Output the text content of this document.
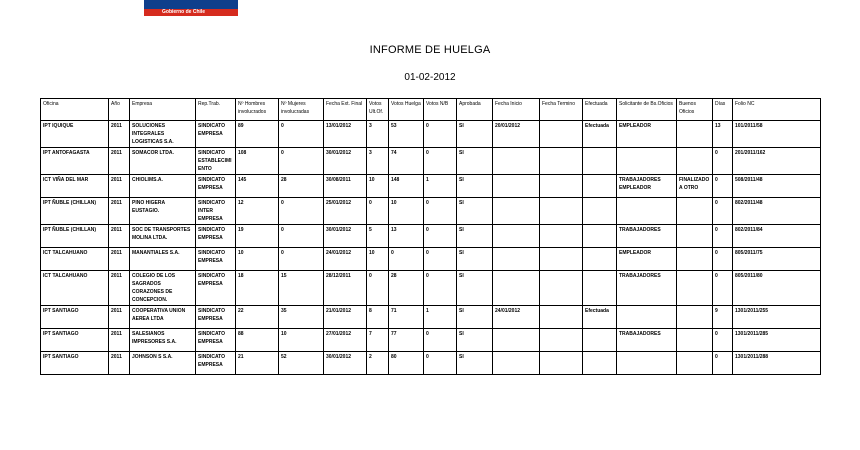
Gobierno de Chile
INFORME DE HUELGA
01-02-2012
Oficina	Año	Empresa	Rep.Trab.	Nº Hombres involucrados	Nº Mujeres involucradas	Fecha Ext. Final	Votos Ult.Of.	Votos Huelga	Votos N/B	Aprobada	Fecha Inicio	Fecha Termino	Efectuada	Solicitante de Bs.Oficios	Buenos Oficios	Días	Folio NC
IPT IQUIQUE	2011	SOLUCIONES INTEGRALES LOGISTICAS S.A.	SINDICATO EMPRESA	89	0	13/01/2012	3	53	0	SI	20/01/2012		Efectuada	EMPLEADOR		13	101/2011/58
IPT ANTOFAGASTA	2011	SOMACOR LTDA.	SINDICATO ESTABLECIMIENTO	108	0	30/01/2012	3	74	0	SI						0	201/2011/162
ICT VIÑA DEL MAR	2011	CHIOLIMS.A.	SINDICATO EMPRESA	145	28	30/08/2011	10	148	1	SI				TRABAJADORES EMPLEADOR	FINALIZADO A OTRO	0	508/2011/48
IPT ÑUBLE (CHILLAN)	2011	PINO HIGERA EUSTAGIO.	SINDICATO INTER EMPRESA	12	0	25/01/2012	0	10	0	SI						0	802/2011/48
IPT ÑUBLE (CHILLAN)	2011	SOC DE TRANSPORTES MOLINA LTDA.	SINDICATO EMPRESA	19	0	30/01/2012	5	13	0	SI				TRABAJADORES		0	802/2011/84
ICT TALCAHUANO	2011	MANANTIALES S.A.	SINDICATO EMPRESA	10	0	24/01/2012	10	0	0	SI				EMPLEADOR		0	805/2011/75
ICT TALCAHUANO	2011	COLEGIO DE LOS SAGRADOS CORAZONES DE CONCEPCION.	SINDICATO EMPRESA	18	15	28/12/2011	0	28	0	SI				TRABAJADORES		0	805/2011/80
IPT SANTIAGO	2011	COOPERATIVA UNION AEREA LTDA	SINDICATO EMPRESA	22	35	21/01/2012	8	71	1	SI	24/01/2012		Efectuada			9	1301/2011/255
IPT SANTIAGO	2011	SALESIANOS IMPRESORES S.A.	SINDICATO EMPRESA	88	10	27/01/2012	7	77	0	SI				TRABAJADORES		0	1301/2011/285
IPT SANTIAGO	2011	JOHNSON S S.A.	SINDICATO EMPRESA	21	52	30/01/2012	2	80	0	SI						0	1301/2011/288
